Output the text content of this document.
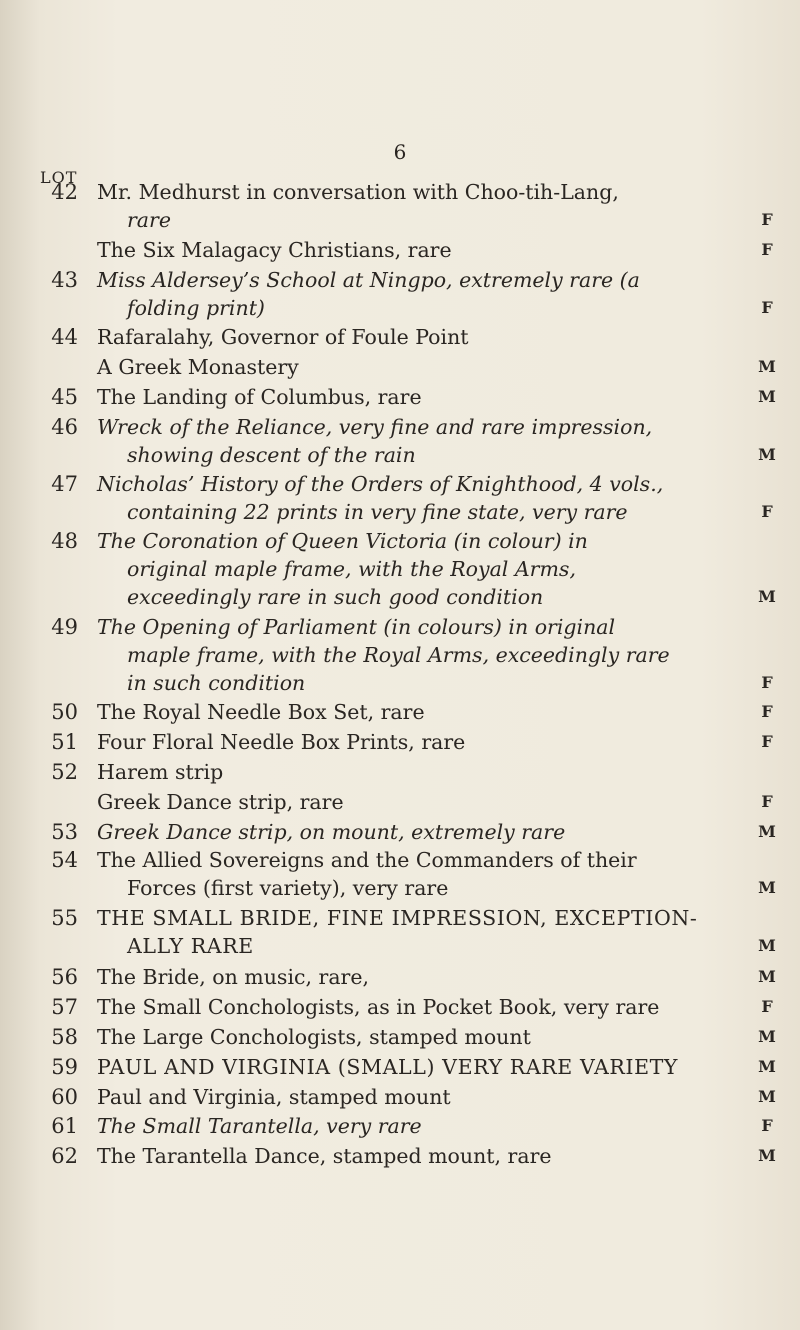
6
LOT
42 Mr. Medhurst in conversation with Choo-tih-Lang,
rare	F
The Six Malagacy Christians, rare	F
43 Miss Aldersey’s School at Ningpo, extremely rare (a
folding print)	F
44 Rafaralahy, Governor of Foule Point
A Greek Monastery	M
45 The Landing of Columbus, rare	M
46 Wreck of the Reliance, very fine and rare impression,
showing descent of the rain	M
47 Nicholas’ History of the Orders of Knighthood, 4 vols.,
containing 22 prints in very fine state, very rare	F
48 The Coronation of Queen Victoria (in colour) in
original maple frame, with the Royal Arms,
exceedingly rare in such good condition	M
49 The Opening of Parliament (in colours) in original
maple frame, with the Royal Arms, exceedingly rare
in such condition	F
50 The Royal Needle Box Set, rare	F
51 Four Floral Needle Box Prints, rare	F
52 Harem strip
Greek Dance strip, rare	F
53 Greek Dance strip, on mount, extremely rare	M
54 The Allied Sovereigns and the Commanders of their
Forces (first variety), very rare	M
55 THE SMALL BRIDE, FINE IMPRESSION, EXCEPTION-
ALLY RARE	M
56 The Bride, on music, rare,	M
57 The Small Conchologists, as in Pocket Book, very rare	F
58 The Large Conchologists, stamped mount	M
59 PAUL AND VIRGINIA (SMALL) VERY RARE VARIETY	M
60 Paul and Virginia, stamped mount	M
61 The Small Tarantella, very rare	F
62 The Tarantella Dance, stamped mount, rare	M
